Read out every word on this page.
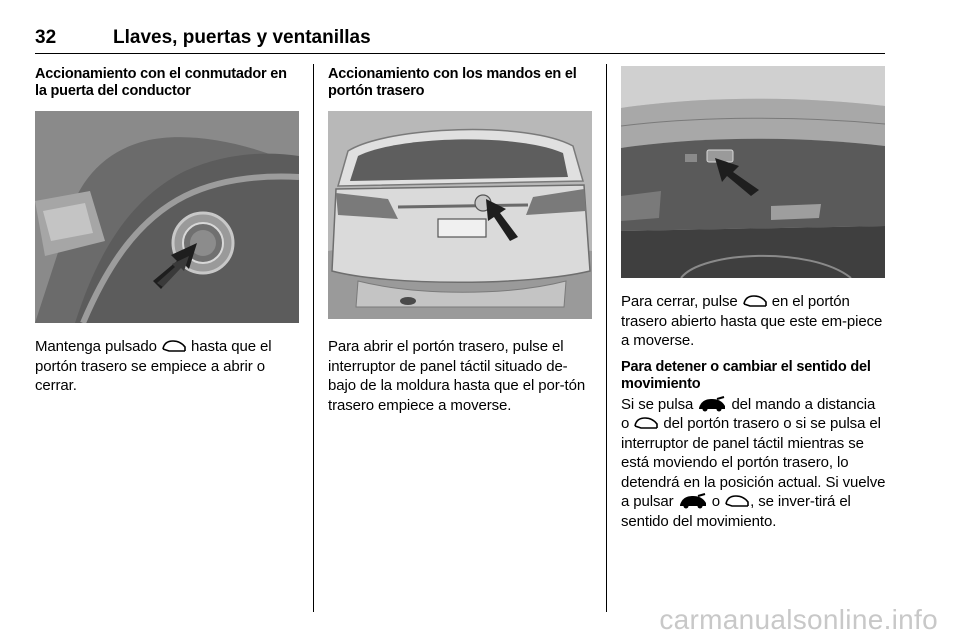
32	Llaves, puertas y ventanillas
Accionamiento con el conmutador en la puerta del conductor

Mantenga pulsado hasta que el portón trasero se empiece a abrir o cerrar.

Accionamiento con los mandos en el portón trasero

Para abrir el portón trasero, pulse el interruptor de panel táctil situado de-bajo de la moldura hasta que el por-tón trasero empiece a moverse.

Para cerrar, pulse en el portón trasero abierto hasta que este em-piece a moverse.

Para detener o cambiar el sentido del movimiento

Si se pulsa	del mando a distancia o del portón trasero o si se pulsa el interruptor de panel táctil mientras se está moviendo el portón trasero, lo detendrá en la posición actual. Si vuelve a pulsar	o , se inver-tirá el sentido del movimiento.

carmanualsonline.info
